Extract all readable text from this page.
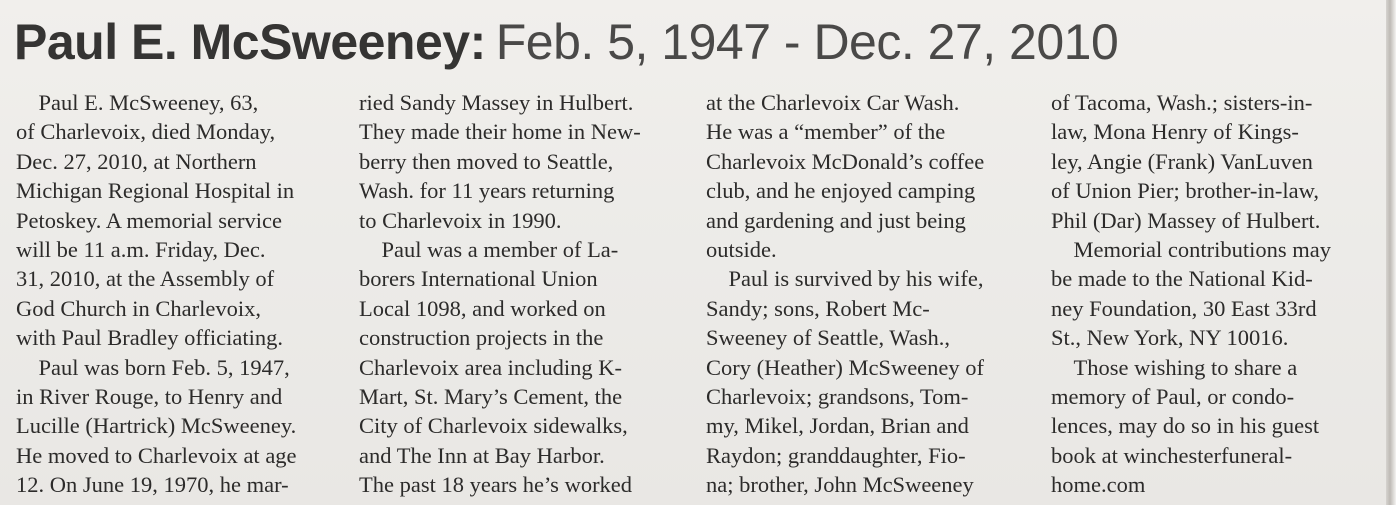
Paul E. McSweeney: Feb. 5, 1947 - Dec. 27, 2010
 Paul E. McSweeney, 63,
of Charlevoix, died Monday,
Dec. 27, 2010, at Northern
Michigan Regional Hospital in
Petoskey. A memorial service
will be 11 a.m. Friday, Dec.
31, 2010, at the Assembly of
God Church in Charlevoix,
with Paul Bradley officiating.
 Paul was born Feb. 5, 1947,
in River Rouge, to Henry and
Lucille (Hartrick) McSweeney.
He moved to Charlevoix at age
12. On June 19, 1970, he mar-
ried Sandy Massey in Hulbert.
They made their home in New-
berry then moved to Seattle,
Wash. for 11 years returning
to Charlevoix in 1990.
 Paul was a member of La-
borers International Union
Local 1098, and worked on
construction projects in the
Charlevoix area including K-
Mart, St. Mary’s Cement, the
City of Charlevoix sidewalks,
and The Inn at Bay Harbor.
The past 18 years he’s worked
at the Charlevoix Car Wash.
He was a “member” of the
Charlevoix McDonald’s coffee
club, and he enjoyed camping
and gardening and just being
outside.
 Paul is survived by his wife,
Sandy; sons, Robert Mc-
Sweeney of Seattle, Wash.,
Cory (Heather) McSweeney of
Charlevoix; grandsons, Tom-
my, Mikel, Jordan, Brian and
Raydon; granddaughter, Fio-
na; brother, John McSweeney
of Tacoma, Wash.; sisters-in-
law, Mona Henry of Kings-
ley, Angie (Frank) VanLuven
of Union Pier; brother-in-law,
Phil (Dar) Massey of Hulbert.
 Memorial contributions may
be made to the National Kid-
ney Foundation, 30 East 33rd
St., New York, NY 10016.
 Those wishing to share a
memory of Paul, or condo-
lences, may do so in his guest
book at winchesterfuneral-
home.com
